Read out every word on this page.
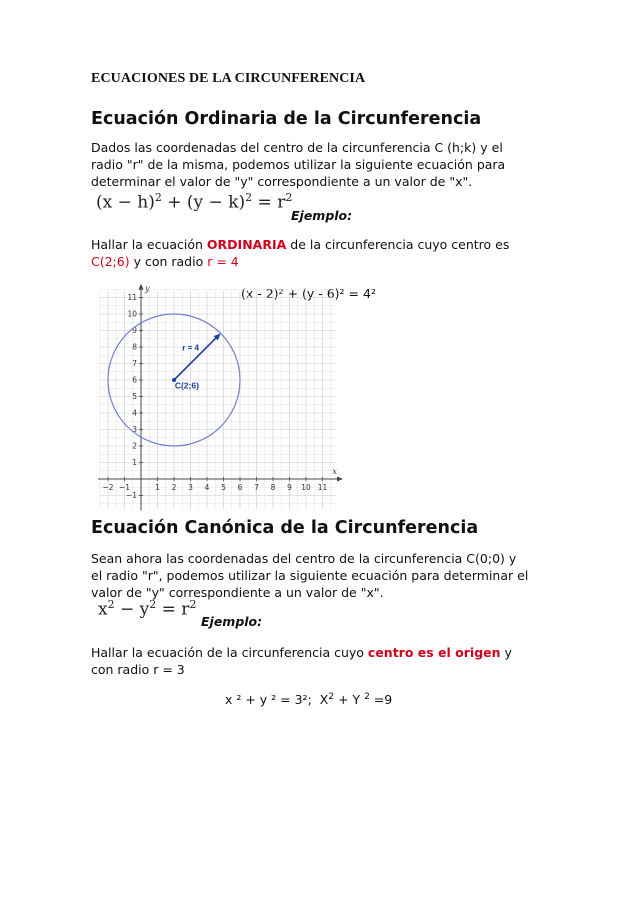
ECUACIONES DE LA CIRCUNFERENCIA
Ecuación Ordinaria de la Circunferencia
Dados las coordenadas del centro de la circunferencia C (h;k) y el
radio "r" de la misma, podemos utilizar la siguiente ecuación para
determinar el valor de "y" correspondiente a un valor de "x".
$(x - h)^2 + (y - k)^2 = r^2$
Ejemplo:
Hallar la ecuación ORDINARIA de la circunferencia cuyo centro es
C(2;6) y con radio r = 4
(x - 2)² + (y - 6)² = 4²
−2 −1	1 2 3 4 5 6 7 8 9 10 11
11
10
9
8
7
6
5
4
3
2
1
−1
r = 4
C(2;6)
x
y
Ecuación Canónica de la Circunferencia
Sean ahora las coordenadas del centro de la circunferencia C(0;0) y
el radio "r", podemos utilizar la siguiente ecuación para determinar el
valor de "y" correspondiente a un valor de "x".
$x^2 - y^2 = r^2$
Ejemplo:
Hallar la ecuación de la circunferencia cuyo centro es el origen y
con radio r = 3
x ² + y ² = 3²;  $X^2 + Y$ $^2$ =9
